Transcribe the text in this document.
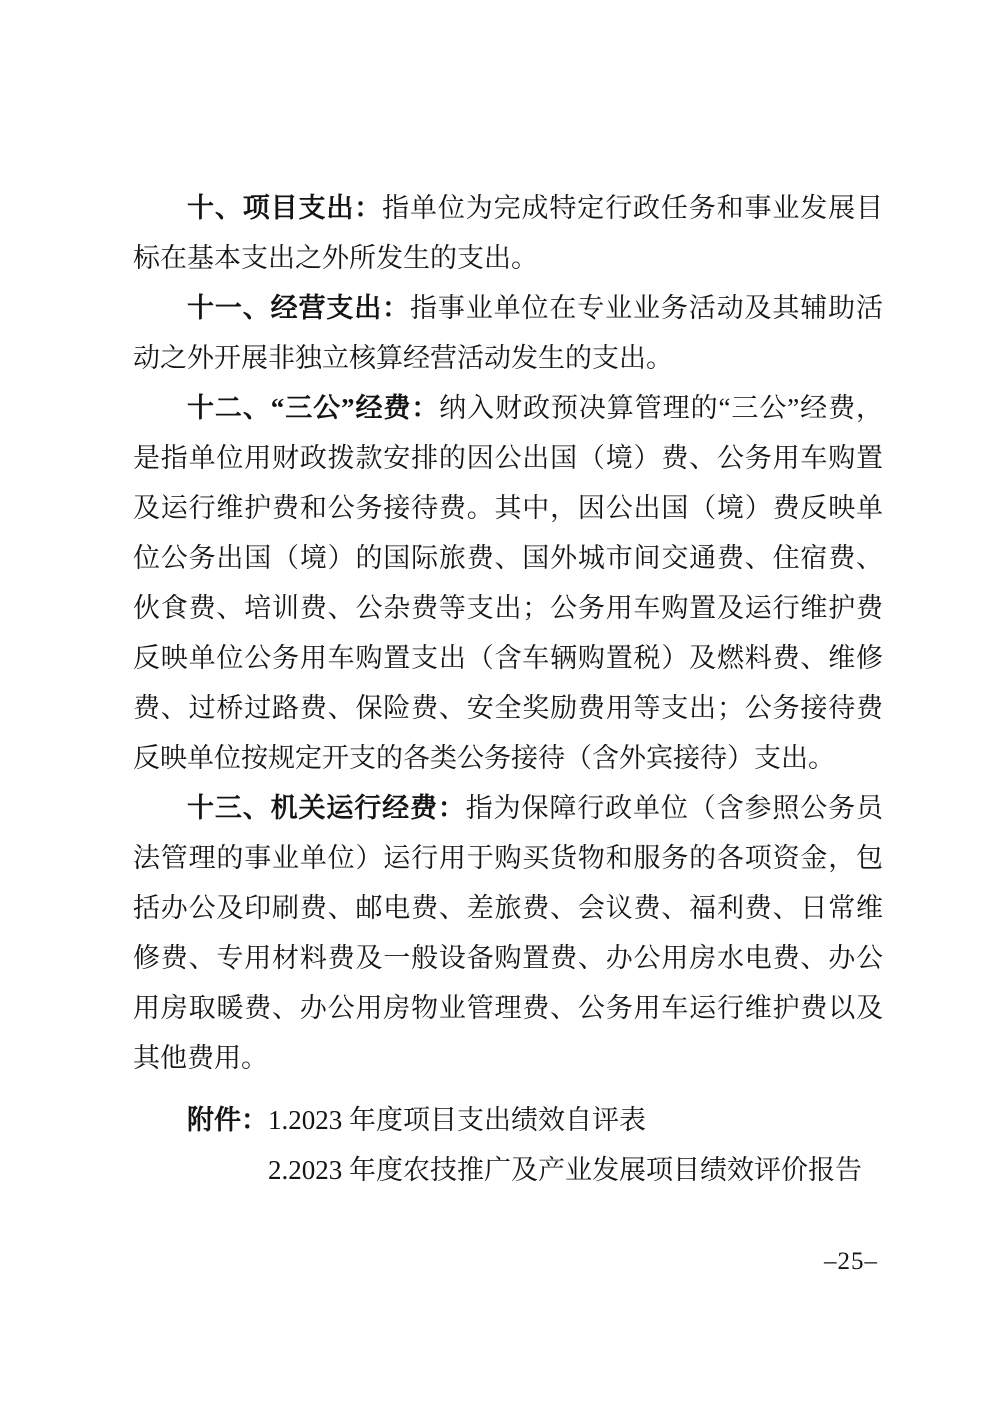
十、项目支出：指单位为完成特定行政任务和事业发展目标在基本支出之外所发生的支出。

十一、经营支出：指事业单位在专业业务活动及其辅助活动之外开展非独立核算经营活动发生的支出。

十二、“三公”经费：纳入财政预决算管理的“三公”经费，是指单位用财政拨款安排的因公出国（境）费、公务用车购置及运行维护费和公务接待费。其中，因公出国（境）费反映单位公务出国（境）的国际旅费、国外城市间交通费、住宿费、伙食费、培训费、公杂费等支出；公务用车购置及运行维护费反映单位公务用车购置支出（含车辆购置税）及燃料费、维修费、过桥过路费、保险费、安全奖励费用等支出；公务接待费反映单位按规定开支的各类公务接待（含外宾接待）支出。

十三、机关运行经费：指为保障行政单位（含参照公务员法管理的事业单位）运行用于购买货物和服务的各项资金，包括办公及印刷费、邮电费、差旅费、会议费、福利费、日常维修费、专用材料费及一般设备购置费、办公用房水电费、办公用房取暖费、办公用房物业管理费、公务用车运行维护费以及其他费用。

附件： 1.2023 年度项目支出绩效自评表
2.2023 年度农技推广及产业发展项目绩效评价报告
–25–
